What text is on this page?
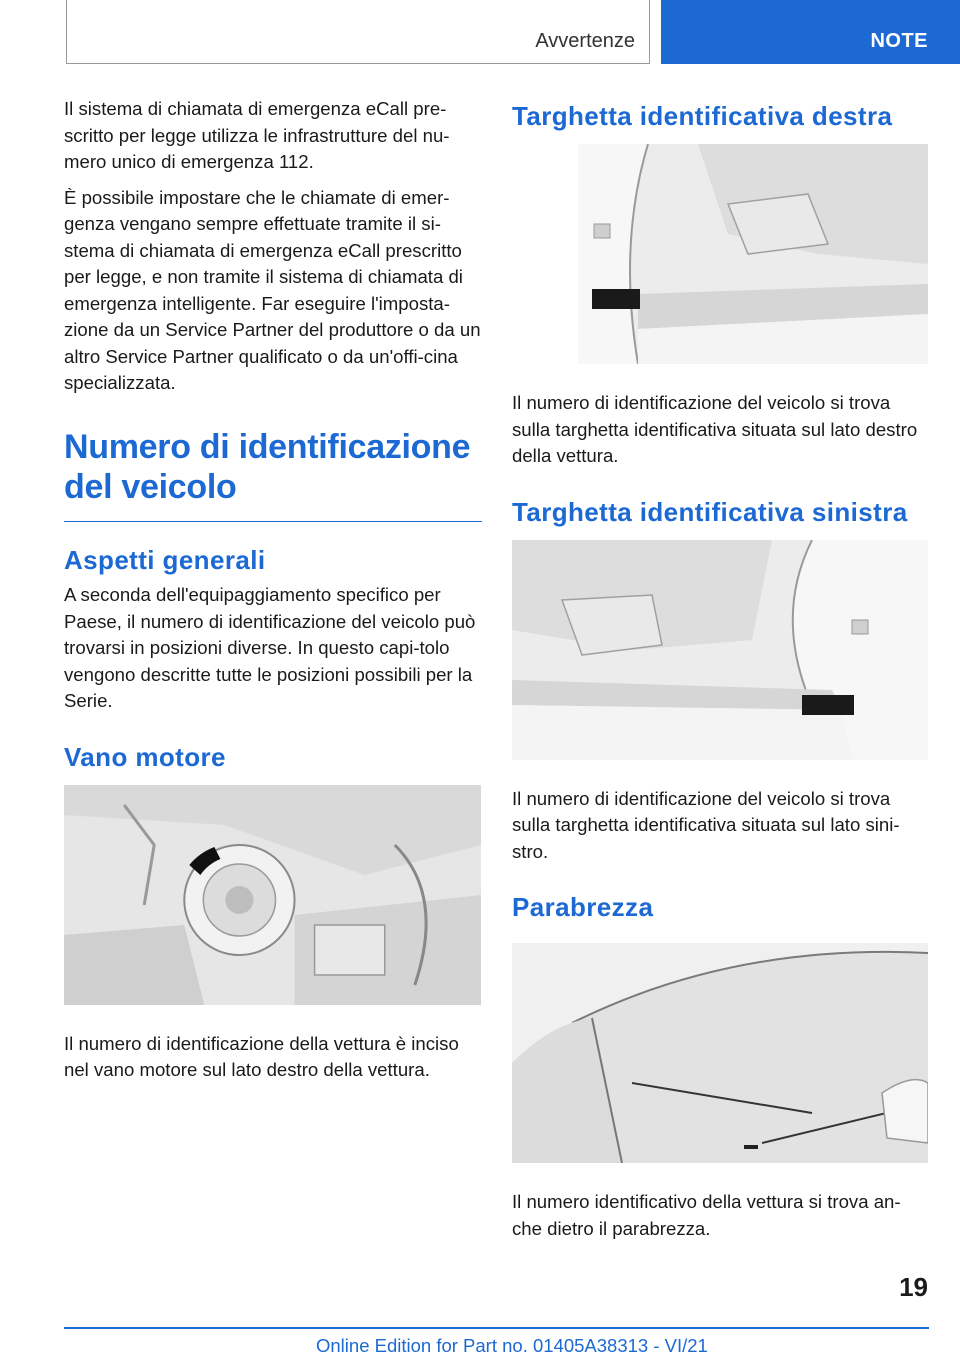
Avvertenze	NOTE

Il sistema di chiamata di emergenza eCall pre-scritto per legge utilizza le infrastrutture del nu-mero unico di emergenza 112.

È possibile impostare che le chiamate di emer-genza vengano sempre effettuate tramite il si-stema di chiamata di emergenza eCall prescritto per legge, e non tramite il sistema di chiamata di emergenza intelligente. Far eseguire l'imposta-zione da un Service Partner del produttore o da un altro Service Partner qualificato o da un'offi-cina specializzata.

Numero di identificazione del veicolo
Aspetti generali

A seconda dell'equipaggiamento specifico per Paese, il numero di identificazione del veicolo può trovarsi in posizioni diverse. In questo capi-tolo vengono descritte tutte le posizioni possibili per la Serie.

Vano motore

Il numero di identificazione della vettura è inciso nel vano motore sul lato destro della vettura.

Targhetta identificativa destra

Il numero di identificazione del veicolo si trova sulla targhetta identificativa situata sul lato destro della vettura.

Targhetta identificativa sinistra

Il numero di identificazione del veicolo si trova sulla targhetta identificativa situata sul lato sini-stro.

Parabrezza

Il numero identificativo della vettura si trova an-che dietro il parabrezza.

19
Online Edition for Part no. 01405A38313 - VI/21
